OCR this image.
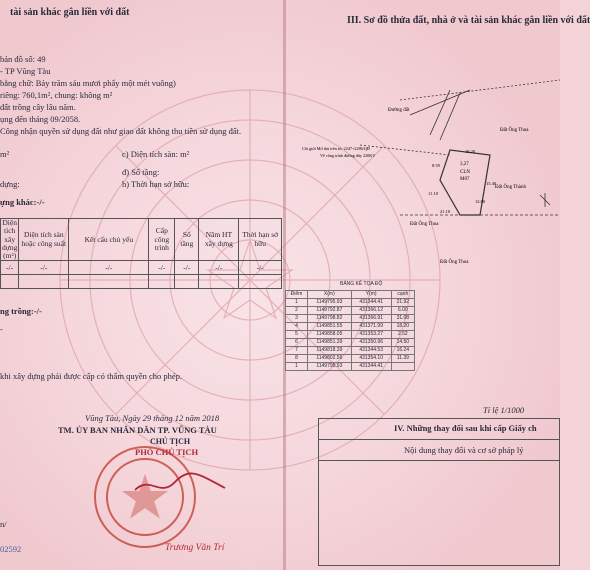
tài sản khác gắn liền với đất
bản đồ số: 49
- TP Vũng Tàu
bằng chữ: Bảy trăm sáu mươi phẩy một mét vuông)
riêng: 760,1m², chung: không m²
đất trồng cây lâu năm.
ụng đến tháng 09/2058.
Công nhận quyền sử dụng đất như giao đất không thu tiền sử dụng đất.
m²	c) Diện tích sàn: m²
đ) Số tầng:
dựng:	h) Thời hạn sở hữu:
ựng khác:-/-
Diện tích xây dựng (m²)	Diện tích sàn hoặc công suất	Kết cấu chủ yếu	Cấp công trình	Số tầng	Năm HT xây dựng	Thời hạn sở hữu
-/-	-/-	-/-	-/-	-/-	-/-	-/-

ng trồng:-/-
-
khi xây dựng phải được cấp có thẩm quyền cho phép.
Vũng Tàu, Ngày 29 tháng 12 năm 2018
TM. ỦY BAN NHÂN DÂN TP. VŨNG TÀU
CHỦ TỊCH
PHÓ CHỦ TỊCH
Trương Văn Trí
n/
02592
III. Sơ đồ thửa đất, nhà ở và tài sản khác gắn liền với đất
Đường đất
Đất Ông Thoa
Đất Ông Thành
Đất Ông Thoa
Đất Ông Thoa
CLN
3,27
M07
Chỉ giới Mở thủ trên số: 2247+2286/QĐ
Về công trình đường dây 220KV
18.20
15.40
21.10
11.10
8.59
12.00
BẢNG KÊ TỌA ĐỘ
Điểm	X(m)	Y(m)	cạnh
1	1149795.93	431344.41	21.92
2	1149792.87	431366.12	6.00
3	1149798.82	431366.91	31.08
4	1149851.55	431371.99	18.20
5	1149858.05	431353.27	2.52
6	1149851.39	431350.96	14.50
7	1149818.39	431344.53	16.24
8	1149802.56	431354.10	11.39
1	1149795.93	431344.41	
Tỉ lệ 1/1000
IV. Những thay đổi sau khi cấp Giấy ch
Nội dung thay đổi và cơ sở pháp lý
